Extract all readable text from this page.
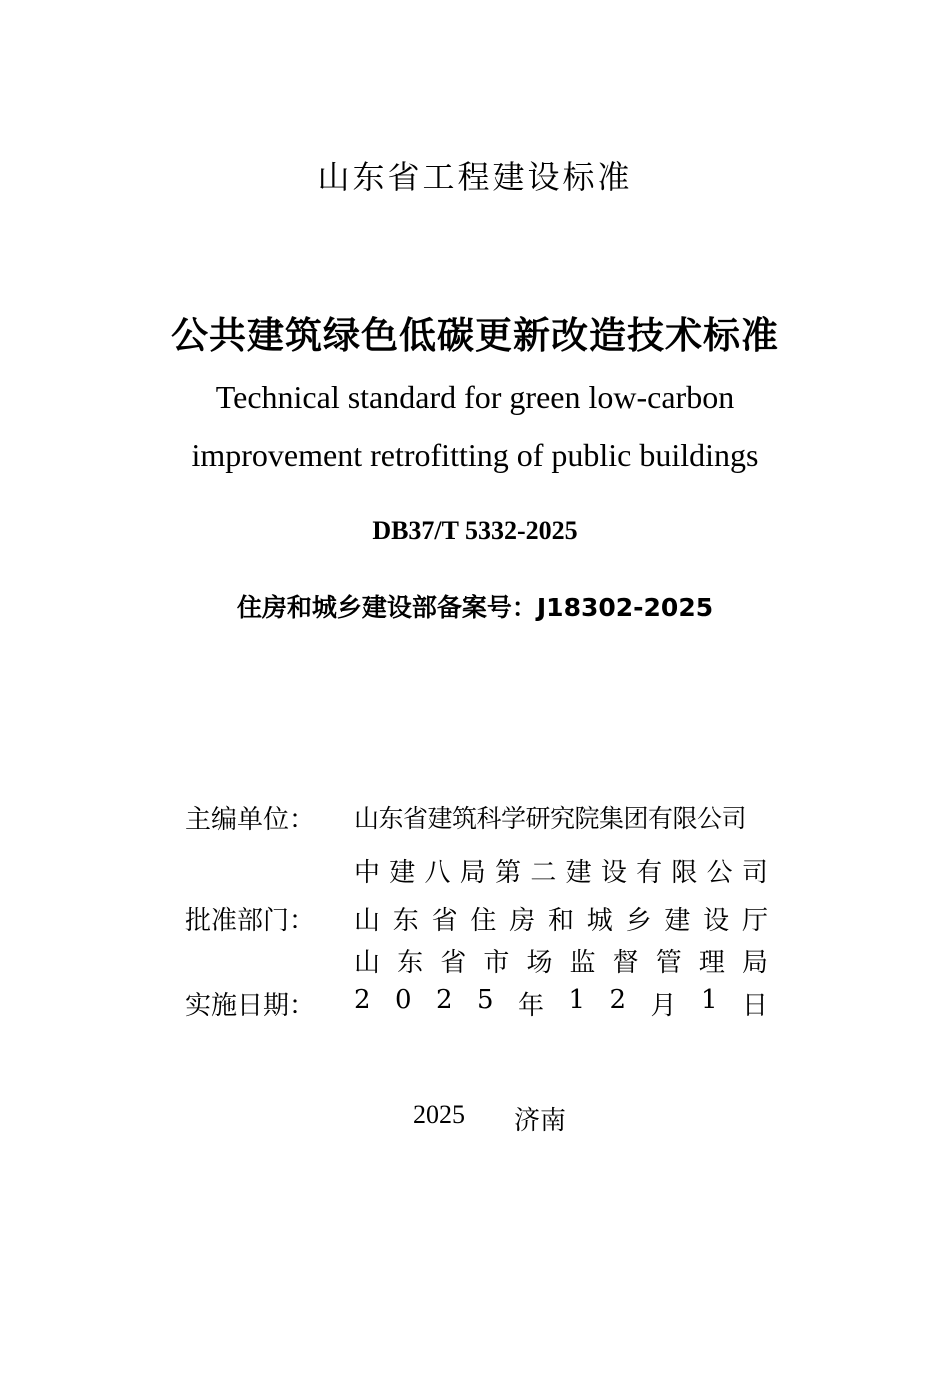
山东省工程建设标准
公共建筑绿色低碳更新改造技术标准
Technical standard for green low-carbon
improvement retrofitting of public buildings
DB37/T 5332-2025
住房和城乡建设部备案号：J18302-2025
主编单位：	山东省建筑科学研究院集团有限公司
中 建 八 局 第 二 建 设 有 限 公 司
批准部门：	山 东 省 住 房 和 城 乡 建 设 厅
山 东 省 市 场 监 督 管 理 局
实施日期：	2 0 2 5 年 1 2 月 1 日
2025 济南
